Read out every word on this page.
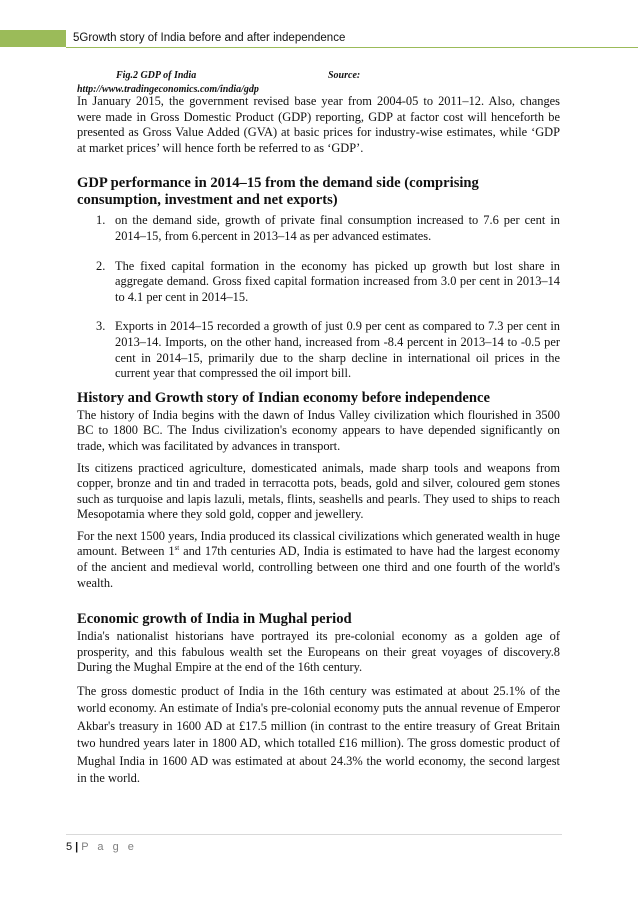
5Growth story of India before and after independence
Fig.2 GDP of India	Source:
http://www.tradingeconomics.com/india/gdp

In January 2015, the government revised base year from 2004-05 to 2011–12. Also, changes were made in Gross Domestic Product (GDP) reporting, GDP at factor cost will henceforth be presented as Gross Value Added (GVA) at basic prices for industry-wise estimates, while ‘GDP at market prices’ will hence forth be referred to as ‘GDP’.

GDP performance in 2014–15 from the demand side (comprising consumption, investment and net exports)
1. on the demand side, growth of private final consumption increased to 7.6 per cent in 2014–15, from 6.percent in 2013–14 as per advanced estimates.
2. The fixed capital formation in the economy has picked up growth but lost share in aggregate demand. Gross fixed capital formation increased from 3.0 per cent in 2013–14 to 4.1 per cent in 2014–15.
3. Exports in 2014–15 recorded a growth of just 0.9 per cent as compared to 7.3 per cent in 2013–14. Imports, on the other hand, increased from -8.4 percent in 2013–14 to -0.5 per cent in 2014–15, primarily due to the sharp decline in international oil prices in the current year that compressed the oil import bill.
History and Growth story of Indian economy before independence

The history of India begins with the dawn of Indus Valley civilization which flourished in 3500 BC to 1800 BC. The Indus civilization's economy appears to have depended significantly on trade, which was facilitated by advances in transport.

Its citizens practiced agriculture, domesticated animals, made sharp tools and weapons from copper, bronze and tin and traded in terracotta pots, beads, gold and silver, coloured gem stones such as turquoise and lapis lazuli, metals, flints, seashells and pearls. They used to ships to reach Mesopotamia where they sold gold, copper and jewellery.

For the next 1500 years, India produced its classical civilizations which generated wealth in huge amount. Between 1st and 17th centuries AD, India is estimated to have had the largest economy of the ancient and medieval world, controlling between one third and one fourth of the world's wealth.

Economic growth of India in Mughal period

India's nationalist historians have portrayed its pre-colonial economy as a golden age of prosperity, and this fabulous wealth set the Europeans on their great voyages of discovery.8 During the Mughal Empire at the end of the 16th century.

The gross domestic product of India in the 16th century was estimated at about 25.1% of the world economy. An estimate of India's pre-colonial economy puts the annual revenue of Emperor Akbar's treasury in 1600 AD at £17.5 million (in contrast to the entire treasury of Great Britain two hundred years later in 1800 AD, which totalled £16 million). The gross domestic product of Mughal India in 1600 AD was estimated at about 24.3% the world economy, the second largest in the world.

5 | P a g e
